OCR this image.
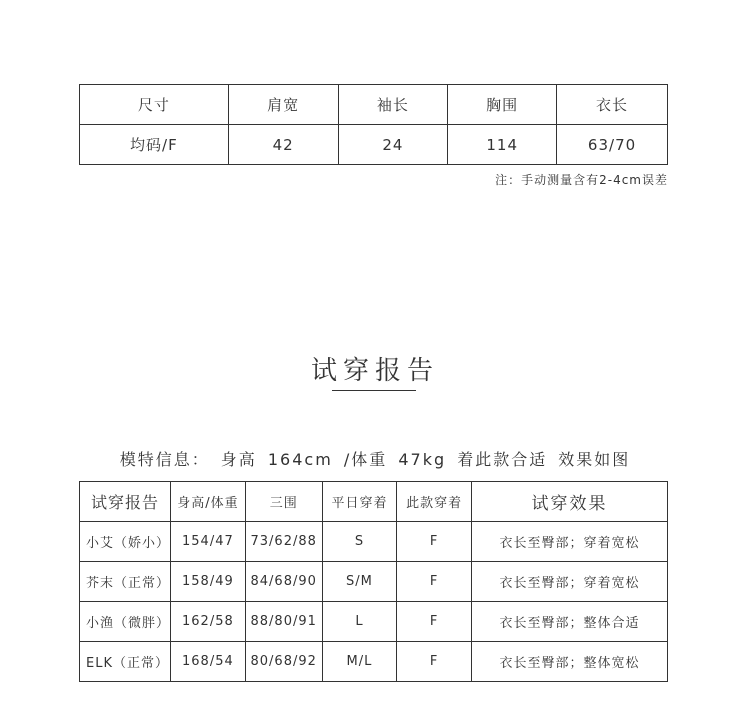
尺寸	肩宽	袖长	胸围	衣长
均码/F	42	24	114	63/70
注：手动测量含有2-4cm误差
试穿报告
模特信息： 身高 164cm /体重 47kg 着此款合适 效果如图
试穿报告	身高/体重	三围	平日穿着	此款穿着	试穿效果
小艾（娇小）	154/47	73/62/88	S	F	衣长至臀部；穿着宽松
芥末（正常）	158/49	84/68/90	S/M	F	衣长至臀部；穿着宽松
小渔（微胖）	162/58	88/80/91	L	F	衣长至臀部；整体合适
ELK（正常）	168/54	80/68/92	M/L	F	衣长至臀部；整体宽松
